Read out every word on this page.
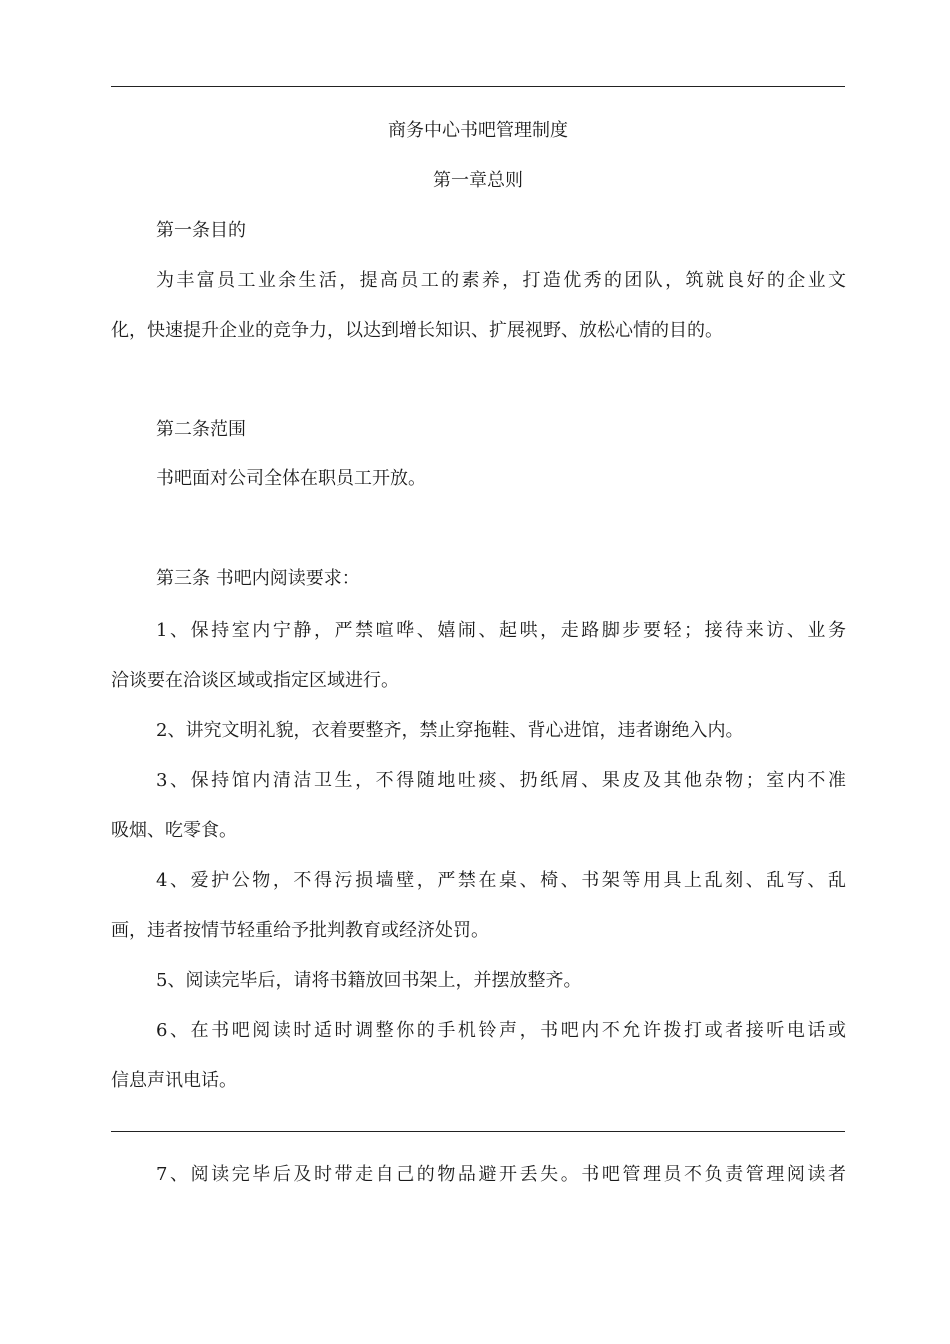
商务中心书吧管理制度
第一章总则
第一条目的
为丰富员工业余生活，提高员工的素养，打造优秀的团队，筑就良好的企业文
化，快速提升企业的竞争力，以达到增长知识、扩展视野、放松心情的目的。
第二条范围
书吧面对公司全体在职员工开放。
第三条 书吧内阅读要求：
1、保持室内宁静，严禁喧哗、嬉闹、起哄，走路脚步要轻；接待来访、业务
洽谈要在洽谈区域或指定区域进行。
2、讲究文明礼貌，衣着要整齐，禁止穿拖鞋、背心进馆，违者谢绝入内。
3、保持馆内清洁卫生，不得随地吐痰、扔纸屑、果皮及其他杂物；室内不准
吸烟、吃零食。
4、爱护公物，不得污损墙壁，严禁在桌、椅、书架等用具上乱刻、乱写、乱
画，违者按情节轻重给予批判教育或经济处罚。
5、阅读完毕后，请将书籍放回书架上，并摆放整齐。
6、在书吧阅读时适时调整你的手机铃声，书吧内不允许拨打或者接听电话或
信息声讯电话。
7、阅读完毕后及时带走自己的物品避开丢失。书吧管理员不负责管理阅读者
